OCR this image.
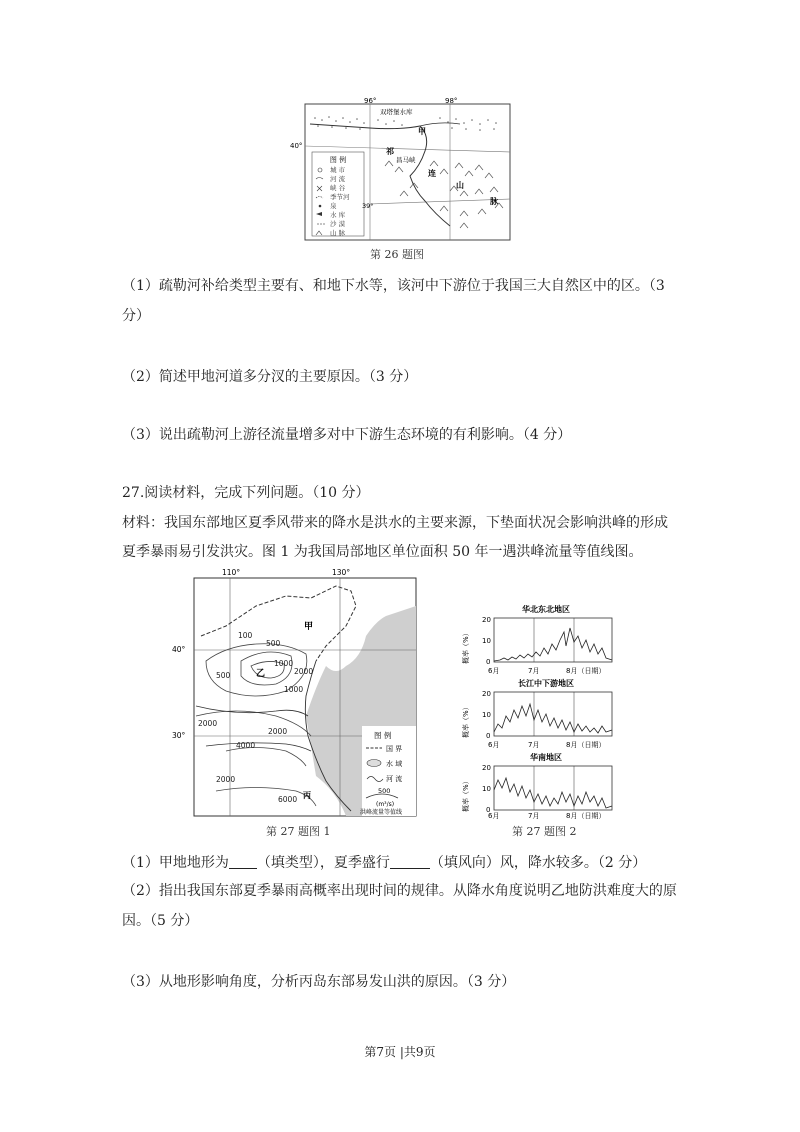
图 例
城 市
河 流
峡 谷
季节河
泉
水 库
沙 漠
山 脉
96°	98°
40°
39°
双塔堡水库
甲
昌马峡
祁
连
山
脉
第 26 题图
（1）疏勒河补给类型主要有、和地下水等，该河中下游位于我国三大自然区中的区。（3
分）
（2）简述甲地河道多分汊的主要原因。（3 分）
（3）说出疏勒河上游径流量增多对中下游生态环境的有利影响。（4 分）
27.阅读材料，完成下列问题。（10 分）
材料：我国东部地区夏季风带来的降水是洪水的主要来源，下垫面状况会影响洪峰的形成
夏季暴雨易引发洪灾。图 1 为我国局部地区单位面积 50 年一遇洪峰流量等值线图。
100
500
1000
2000
500
1000
2000
2000
4000
2000
6000
甲
乙
丙
110°	130°
40°
30°	图 例
国 界
水 域
河 流
500
(m³/s)
洪峰流量等值线
第 27 题图 1
华北东北地区
20
10
0
概率（%）
6月	7月	8月（日期）
长江中下游地区
20
10
0
概率（%）
6月	7月	8月（日期）
华南地区
20
10
0
概率（%）
6月	7月	8月（日期）
第 27 题图 2
（1）甲地地形为 （填类型），夏季盛行	（填风向）风，降水较多。（2 分）
（2）指出我国东部夏季暴雨高概率出现时间的规律。从降水角度说明乙地防洪难度大的原
因。（5 分）
（3）从地形影响角度，分析丙岛东部易发山洪的原因。（3 分）
第7页 |共9页
